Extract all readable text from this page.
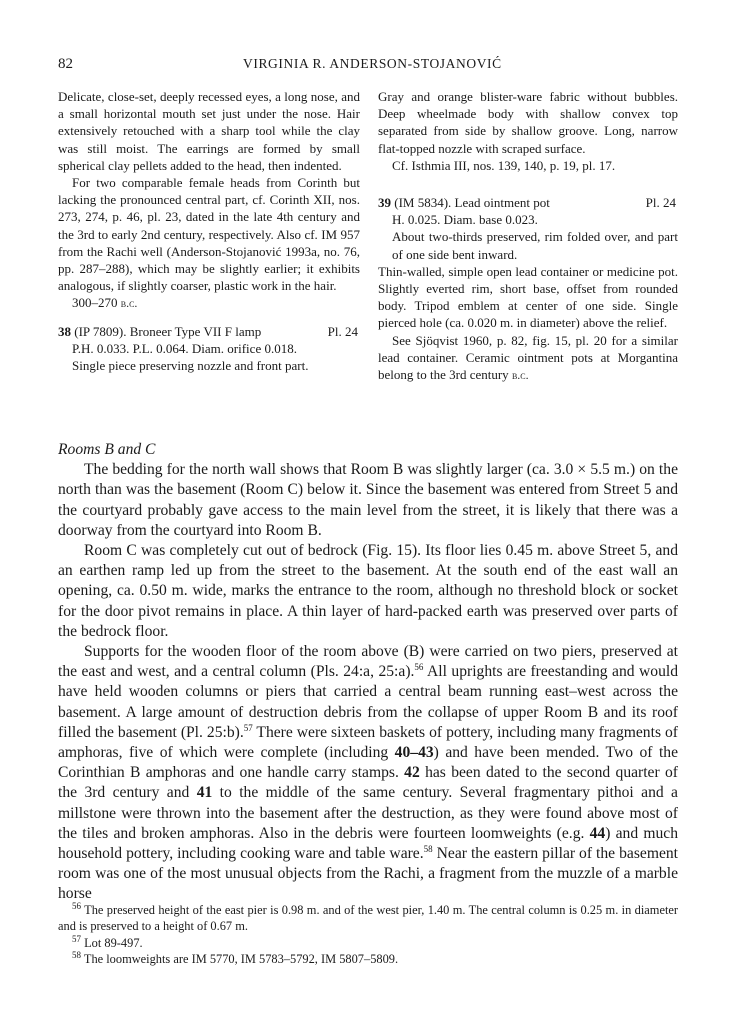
82	VIRGINIA R. ANDERSON-STOJANOVIĆ

Delicate, close-set, deeply recessed eyes, a long nose, and a small horizontal mouth set just under the nose. Hair extensively retouched with a sharp tool while the clay was still moist. The earrings are formed by small spherical clay pellets added to the head, then indented.

For two comparable female heads from Corinth but lacking the pronounced central part, cf. Corinth XII, nos. 273, 274, p. 46, pl. 23, dated in the late 4th century and the 3rd to early 2nd century, respectively. Also cf. IM 957 from the Rachi well (Anderson-Stojanović 1993a, no. 76, pp. 287–288), which may be slightly earlier; it exhibits analogous, if slightly coarser, plastic work in the hair.

300–270 b.c.

38 (IP 7809). Broneer Type VII F lamp	Pl. 24

P.H. 0.033. P.L. 0.064. Diam. orifice 0.018.

Single piece preserving nozzle and front part.

Gray and orange blister-ware fabric without bubbles. Deep wheelmade body with shallow convex top separated from side by shallow groove. Long, narrow flat-topped nozzle with scraped surface.

Cf. Isthmia III, nos. 139, 140, p. 19, pl. 17.

39 (IM 5834). Lead ointment pot	Pl. 24

H. 0.025. Diam. base 0.023.

About two-thirds preserved, rim folded over, and part of one side bent inward.

Thin-walled, simple open lead container or medicine pot. Slightly everted rim, short base, offset from rounded body. Tripod emblem at center of one side. Single pierced hole (ca. 0.020 m. in diameter) above the relief.

See Sjöqvist 1960, p. 82, fig. 15, pl. 20 for a similar lead container. Ceramic ointment pots at Morgantina belong to the 3rd century b.c.

Rooms B and C

The bedding for the north wall shows that Room B was slightly larger (ca. 3.0 × 5.5 m.) on the north than was the basement (Room C) below it. Since the basement was entered from Street 5 and the courtyard probably gave access to the main level from the street, it is likely that there was a doorway from the courtyard into Room B.

Room C was completely cut out of bedrock (Fig. 15). Its floor lies 0.45 m. above Street 5, and an earthen ramp led up from the street to the basement. At the south end of the east wall an opening, ca. 0.50 m. wide, marks the entrance to the room, although no threshold block or socket for the door pivot remains in place. A thin layer of hard-packed earth was preserved over parts of the bedrock floor.

Supports for the wooden floor of the room above (B) were carried on two piers, preserved at the east and west, and a central column (Pls. 24:a, 25:a).$^{56}$ All uprights are freestanding and would have held wooden columns or piers that carried a central beam running east–west across the basement. A large amount of destruction debris from the collapse of upper Room B and its roof filled the basement (Pl. 25:b).$^{57}$ There were sixteen baskets of pottery, including many fragments of amphoras, five of which were complete (including 40–43) and have been mended. Two of the Corinthian B amphoras and one handle carry stamps. 42 has been dated to the second quarter of the 3rd century and 41 to the middle of the same century. Several fragmentary pithoi and a millstone were thrown into the basement after the destruction, as they were found above most of the tiles and broken amphoras. Also in the debris were fourteen loomweights (e.g. 44) and much household pottery, including cooking ware and table ware.$^{58}$ Near the eastern pillar of the basement room was one of the most unusual objects from the Rachi, a fragment from the muzzle of a marble horse

$^{56}$ The preserved height of the east pier is 0.98 m. and of the west pier, 1.40 m. The central column is 0.25 m. in diameter and is preserved to a height of 0.67 m.

$^{57}$ Lot 89-497.

$^{58}$ The loomweights are IM 5770, IM 5783–5792, IM 5807–5809.
